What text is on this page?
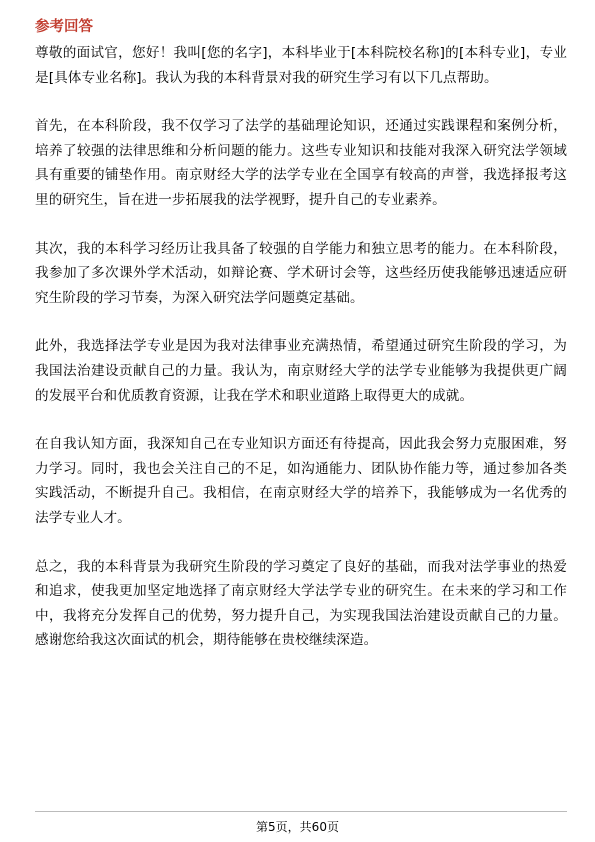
参考回答

尊敬的面试官，您好！我叫[您的名字]，本科毕业于[本科院校名称]的[本科专业]，专业是[具体专业名称]。我认为我的本科背景对我的研究生学习有以下几点帮助。

首先，在本科阶段，我不仅学习了法学的基础理论知识，还通过实践课程和案例分析，培养了较强的法律思维和分析问题的能力。这些专业知识和技能对我深入研究法学领域具有重要的铺垫作用。南京财经大学的法学专业在全国享有较高的声誉，我选择报考这里的研究生，旨在进一步拓展我的法学视野，提升自己的专业素养。

其次，我的本科学习经历让我具备了较强的自学能力和独立思考的能力。在本科阶段，我参加了多次课外学术活动，如辩论赛、学术研讨会等，这些经历使我能够迅速适应研究生阶段的学习节奏，为深入研究法学问题奠定基础。

此外，我选择法学专业是因为我对法律事业充满热情，希望通过研究生阶段的学习，为我国法治建设贡献自己的力量。我认为，南京财经大学的法学专业能够为我提供更广阔的发展平台和优质教育资源，让我在学术和职业道路上取得更大的成就。

在自我认知方面，我深知自己在专业知识方面还有待提高，因此我会努力克服困难，努力学习。同时，我也会关注自己的不足，如沟通能力、团队协作能力等，通过参加各类实践活动，不断提升自己。我相信，在南京财经大学的培养下，我能够成为一名优秀的法学专业人才。

总之，我的本科背景为我研究生阶段的学习奠定了良好的基础，而我对法学事业的热爱和追求，使我更加坚定地选择了南京财经大学法学专业的研究生。在未来的学习和工作中，我将充分发挥自己的优势，努力提升自己，为实现我国法治建设贡献自己的力量。感谢您给我这次面试的机会，期待能够在贵校继续深造。

第5页，共60页
